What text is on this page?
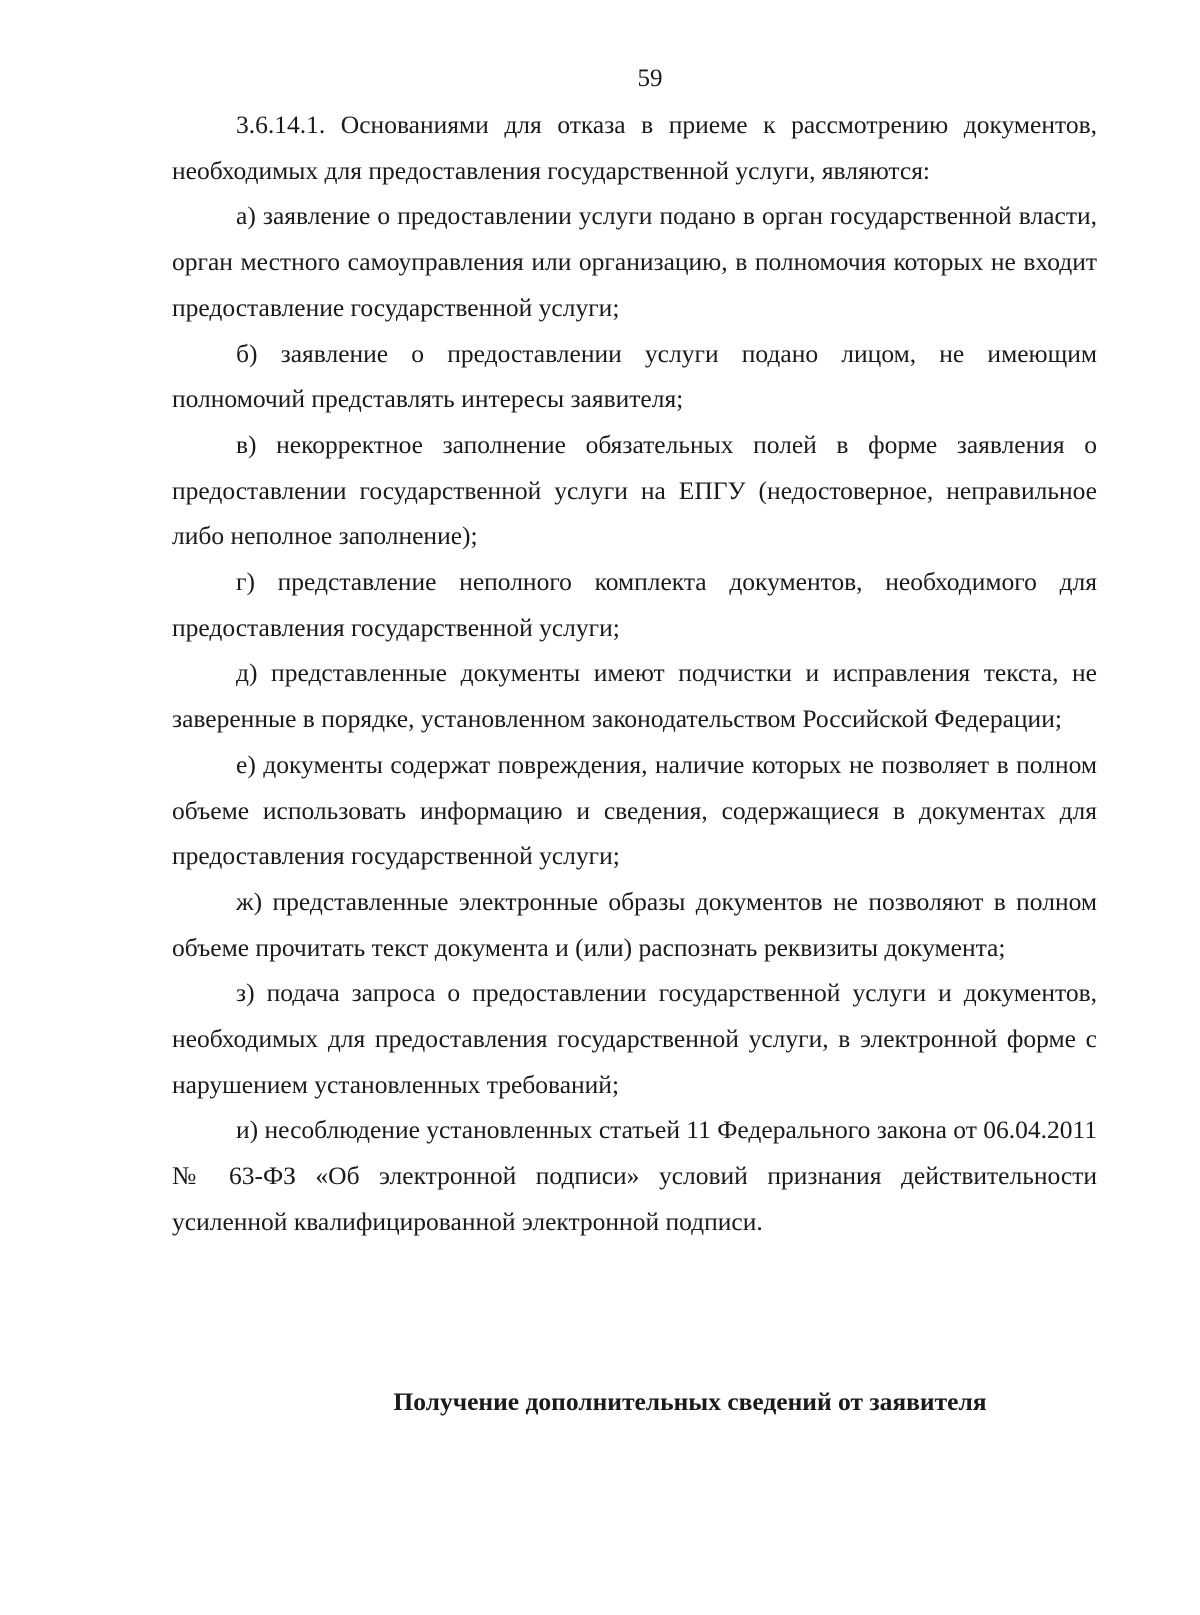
59

3.6.14.1. Основаниями для отказа в приеме к рассмотрению документов, необходимых для предоставления государственной услуги, являются:

а) заявление о предоставлении услуги подано в орган государственной власти, орган местного самоуправления или организацию, в полномочия которых не входит предоставление государственной услуги;

б) заявление о предоставлении услуги подано лицом, не имеющим полномочий представлять интересы заявителя;

в) некорректное заполнение обязательных полей в форме заявления о предоставлении государственной услуги на ЕПГУ (недостоверное, неправильное либо неполное заполнение);

г) представление неполного комплекта документов, необходимого для предоставления государственной услуги;

д) представленные документы имеют подчистки и исправления текста, не заверенные в порядке, установленном законодательством Российской Федерации;

е) документы содержат повреждения, наличие которых не позволяет в полном объеме использовать информацию и сведения, содержащиеся в документах для предоставления государственной услуги;

ж) представленные электронные образы документов не позволяют в полном объеме прочитать текст документа и (или) распознать реквизиты документа;

з) подача запроса о предоставлении государственной услуги и документов, необходимых для предоставления государственной услуги, в электронной форме с нарушением установленных требований;

и) несоблюдение установленных статьей 11 Федерального закона от 06.04.2011 № 63-ФЗ «Об электронной подписи» условий признания действительности усиленной квалифицированной электронной подписи.

Получение дополнительных сведений от заявителя
